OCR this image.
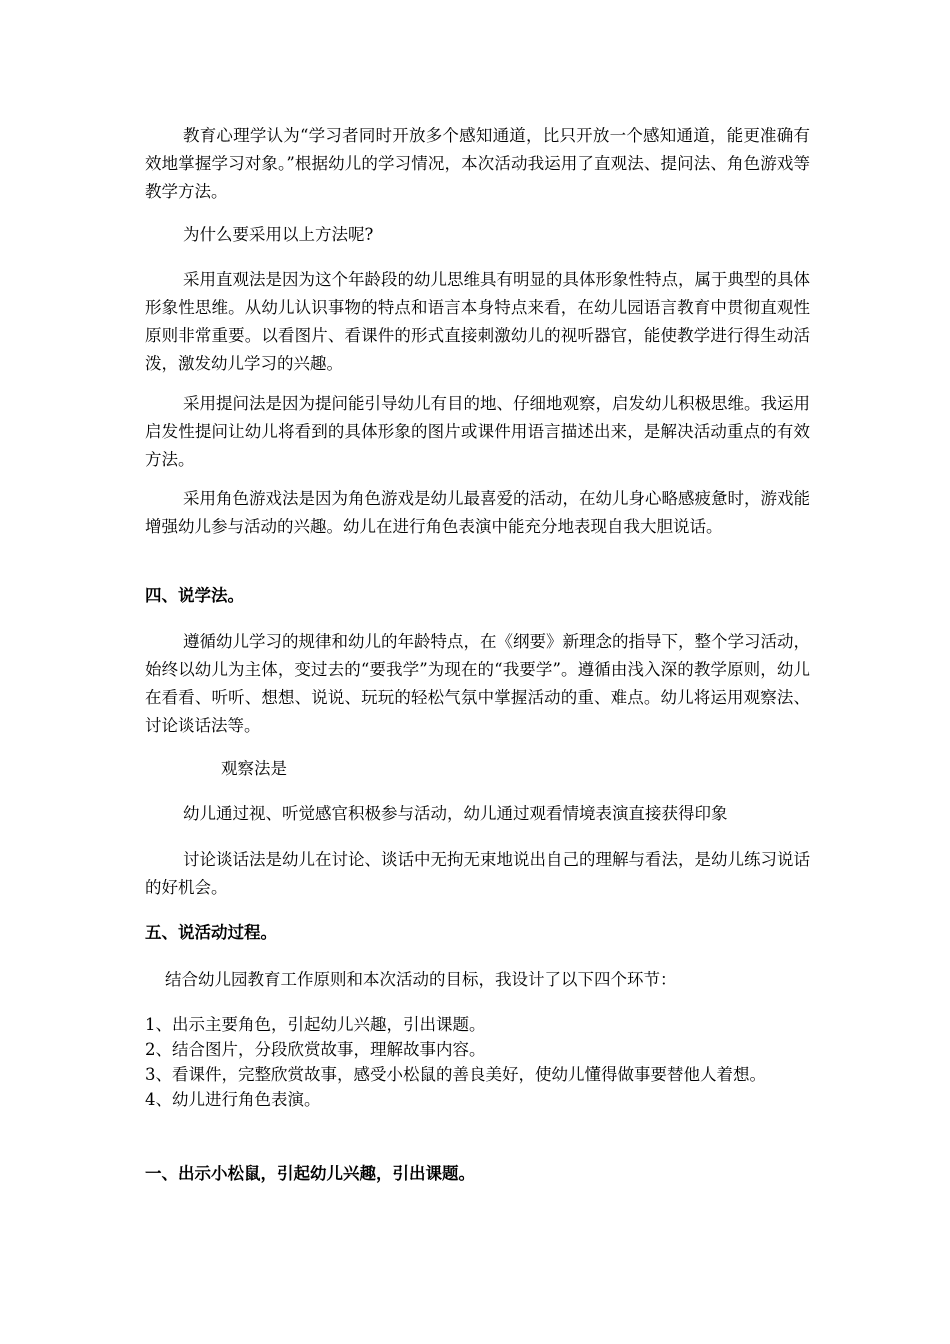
教育心理学认为“学习者同时开放多个感知通道，比只开放一个感知通道，能更准确有效地掌握学习对象。”根据幼儿的学习情况，本次活动我运用了直观法、提问法、角色游戏等教学方法。

为什么要采用以上方法呢?

采用直观法是因为这个年龄段的幼儿思维具有明显的具体形象性特点，属于典型的具体形象性思维。从幼儿认识事物的特点和语言本身特点来看，在幼儿园语言教育中贯彻直观性原则非常重要。以看图片、看课件的形式直接刺激幼儿的视听器官，能使教学进行得生动活泼，激发幼儿学习的兴趣。

采用提问法是因为提问能引导幼儿有目的地、仔细地观察，启发幼儿积极思维。我运用启发性提问让幼儿将看到的具体形象的图片或课件用语言描述出来，是解决活动重点的有效方法。

采用角色游戏法是因为角色游戏是幼儿最喜爱的活动，在幼儿身心略感疲惫时，游戏能增强幼儿参与活动的兴趣。幼儿在进行角色表演中能充分地表现自我大胆说话。

四、说学法。

遵循幼儿学习的规律和幼儿的年龄特点，在《纲要》新理念的指导下，整个学习活动，始终以幼儿为主体，变过去的“要我学”为现在的“我要学”。遵循由浅入深的教学原则，幼儿在看看、听听、想想、说说、玩玩的轻松气氛中掌握活动的重、难点。幼儿将运用观察法、讨论谈话法等。

观察法是

幼儿通过视、听觉感官积极参与活动，幼儿通过观看情境表演直接获得印象

讨论谈话法是幼儿在讨论、谈话中无拘无束地说出自己的理解与看法，是幼儿练习说话的好机会。

五、说活动过程。

结合幼儿园教育工作原则和本次活动的目标，我设计了以下四个环节：

1、出示主要角色，引起幼儿兴趣，引出课题。
2、结合图片，分段欣赏故事，理解故事内容。
3、看课件，完整欣赏故事，感受小松鼠的善良美好，使幼儿懂得做事要替他人着想。
4、幼儿进行角色表演。

一、出示小松鼠，引起幼儿兴趣，引出课题。
